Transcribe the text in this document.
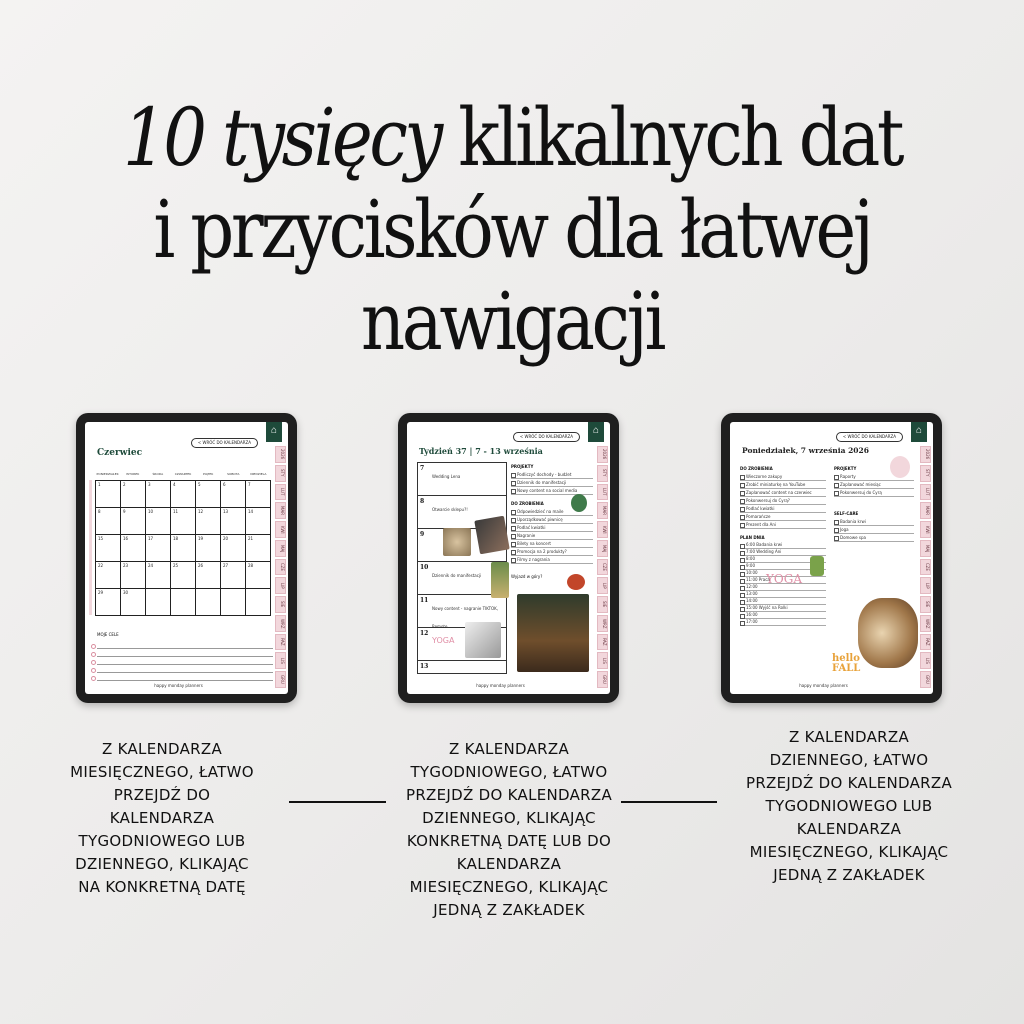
10 tysięcy klikalnych dat
i przycisków dla łatwej
nawigacji
⌂
2026
STY
LUT
MAR
KWI
MAJ
CZE
LIP
SIE
WRZ
PAŹ
LIS
GRU
< WRÓĆ DO KALENDARZA
Czerwiec
PONIEDZIAŁEK	WTOREK	ŚRODA	CZWARTEK	PIĄTEK	SOBOTA	NIEDZIELA
1	2	3	4	5	6	7
8	9	10	11	12	13	14
15	16	17	18	19	20	21
22	23	24	25	26	27	28
29	30
MOJE CELE
happy monday planners
⌂
2026
STY
LUT
MAR
KWI
MAJ
CZE
LIP
SIE
WRZ
PAŹ
LIS
GRU
< WRÓĆ DO KALENDARZA
Tydzień 37 | 7 - 13 września
7
Wedding Lena
8
Otwarcie sklepu?!
9
10
Dziennik do manifestacji
11
Nowy content - nagranie TIKTOK, Remote
12
YOGA
13
PROJEKTY
Podliczyć dochody - budżet
Dziennik do manifestacji
Nowy content na social media
DO ZROBIENIA
Odpowiedzieć na maile
Uporządkować piwnicę
Podlać kwiatki
Nagranie
Bilety na koncert
Promocja na 2 produkty?
Filmy z nagrania
Wyjazd w góry?
happy monday planners
⌂
2026
STY
LUT
MAR
KWI
MAJ
CZE
LIP
SIE
WRZ
PAŹ
LIS
GRU
< WRÓĆ DO KALENDARZA
Poniedziałek, 7 września 2026
DO ZROBIENIA
Wieczorne zakupy
Zrobić miniaturkę na YouTube
Zaplanować content na czerwiec
Pokonwersuj do Cyrą?
Podlać kwiatki
Pomarańcze
Prezent dla Ani
PLAN DNIA
6:00 Badania krwi
7:00 Wedding Ani
8:00
9:00
10:00
11:00 Praca
12:00
13:00
14:00
15:00 Wyjść na Rolki
16:00
17:00
PROJEKTY
Raporty
Zaplanować miesiąc
Pokonwersuj do Cyrą
SELF-CARE
Badania krwi
Joga
Domowe spa
YOGA
hello FALL
happy monday planners
Z KALENDARZA MIESIĘCZNEGO, ŁATWO PRZEJDŹ DO KALENDARZA TYGODNIOWEGO LUB DZIENNEGO, KLIKAJĄC NA KONKRETNĄ DATĘ
Z KALENDARZA TYGODNIOWEGO, ŁATWO PRZEJDŹ DO KALENDARZA DZIENNEGO, KLIKAJĄC KONKRETNĄ DATĘ LUB DO KALENDARZA MIESIĘCZNEGO, KLIKAJĄC JEDNĄ Z ZAKŁADEK
Z KALENDARZA DZIENNEGO, ŁATWO PRZEJDŹ DO KALENDARZA TYGODNIOWEGO LUB KALENDARZA MIESIĘCZNEGO, KLIKAJĄC JEDNĄ Z ZAKŁADEK
